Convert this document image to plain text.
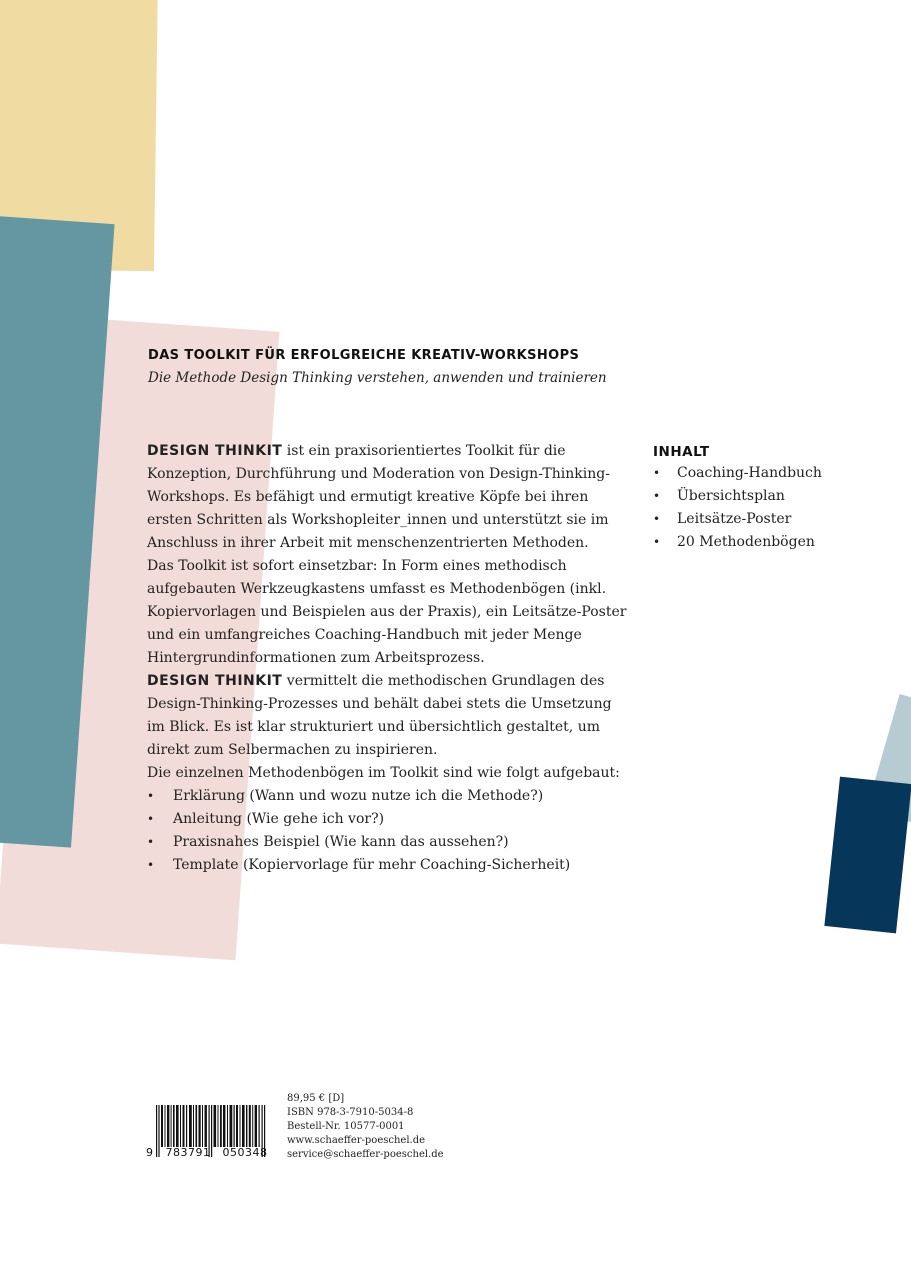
DAS TOOLKIT FÜR ERFOLGREICHE KREATIV-WORKSHOPS

Die Methode Design Thinking verstehen, anwenden und trainieren

DESIGN THINKIT ist ein praxisorientiertes Toolkit für die Konzeption, Durchführung und Moderation von Design-Thinking-Workshops. Es befähigt und ermutigt kreative Köpfe bei ihren ersten Schritten als Workshopleiter_innen und unterstützt sie im Anschluss in ihrer Arbeit mit menschenzentrierten Methoden.

Das Toolkit ist sofort einsetzbar: In Form eines methodisch aufgebauten Werkzeugkastens umfasst es Methodenbögen (inkl. Kopiervorlagen und Beispielen aus der Praxis), ein Leitsätze-Poster und ein umfangreiches Coaching-Handbuch mit jeder Menge Hintergrundinformationen zum Arbeitsprozess.

DESIGN THINKIT vermittelt die methodischen Grundlagen des Design-Thinking-Prozesses und behält dabei stets die Umsetzung im Blick. Es ist klar strukturiert und übersichtlich gestaltet, um direkt zum Selbermachen zu inspirieren.

Die einzelnen Methodenbögen im Toolkit sind wie folgt aufgebaut:

• Erklärung (Wann und wozu nutze ich die Methode?)
• Anleitung (Wie gehe ich vor?)
• Praxisnahes Beispiel (Wie kann das aussehen?)
• Template (Kopiervorlage für mehr Coaching-Sicherheit)
INHALT
• Coaching-Handbuch
• Übersichtsplan
• Leitsätze-Poster
• 20 Methodenbögen
9   783791   050348
89,95 € [D]
ISBN 978-3-7910-5034-8
Bestell-Nr. 10577-0001
www.schaeffer-poeschel.de
service@schaeffer-poeschel.de
